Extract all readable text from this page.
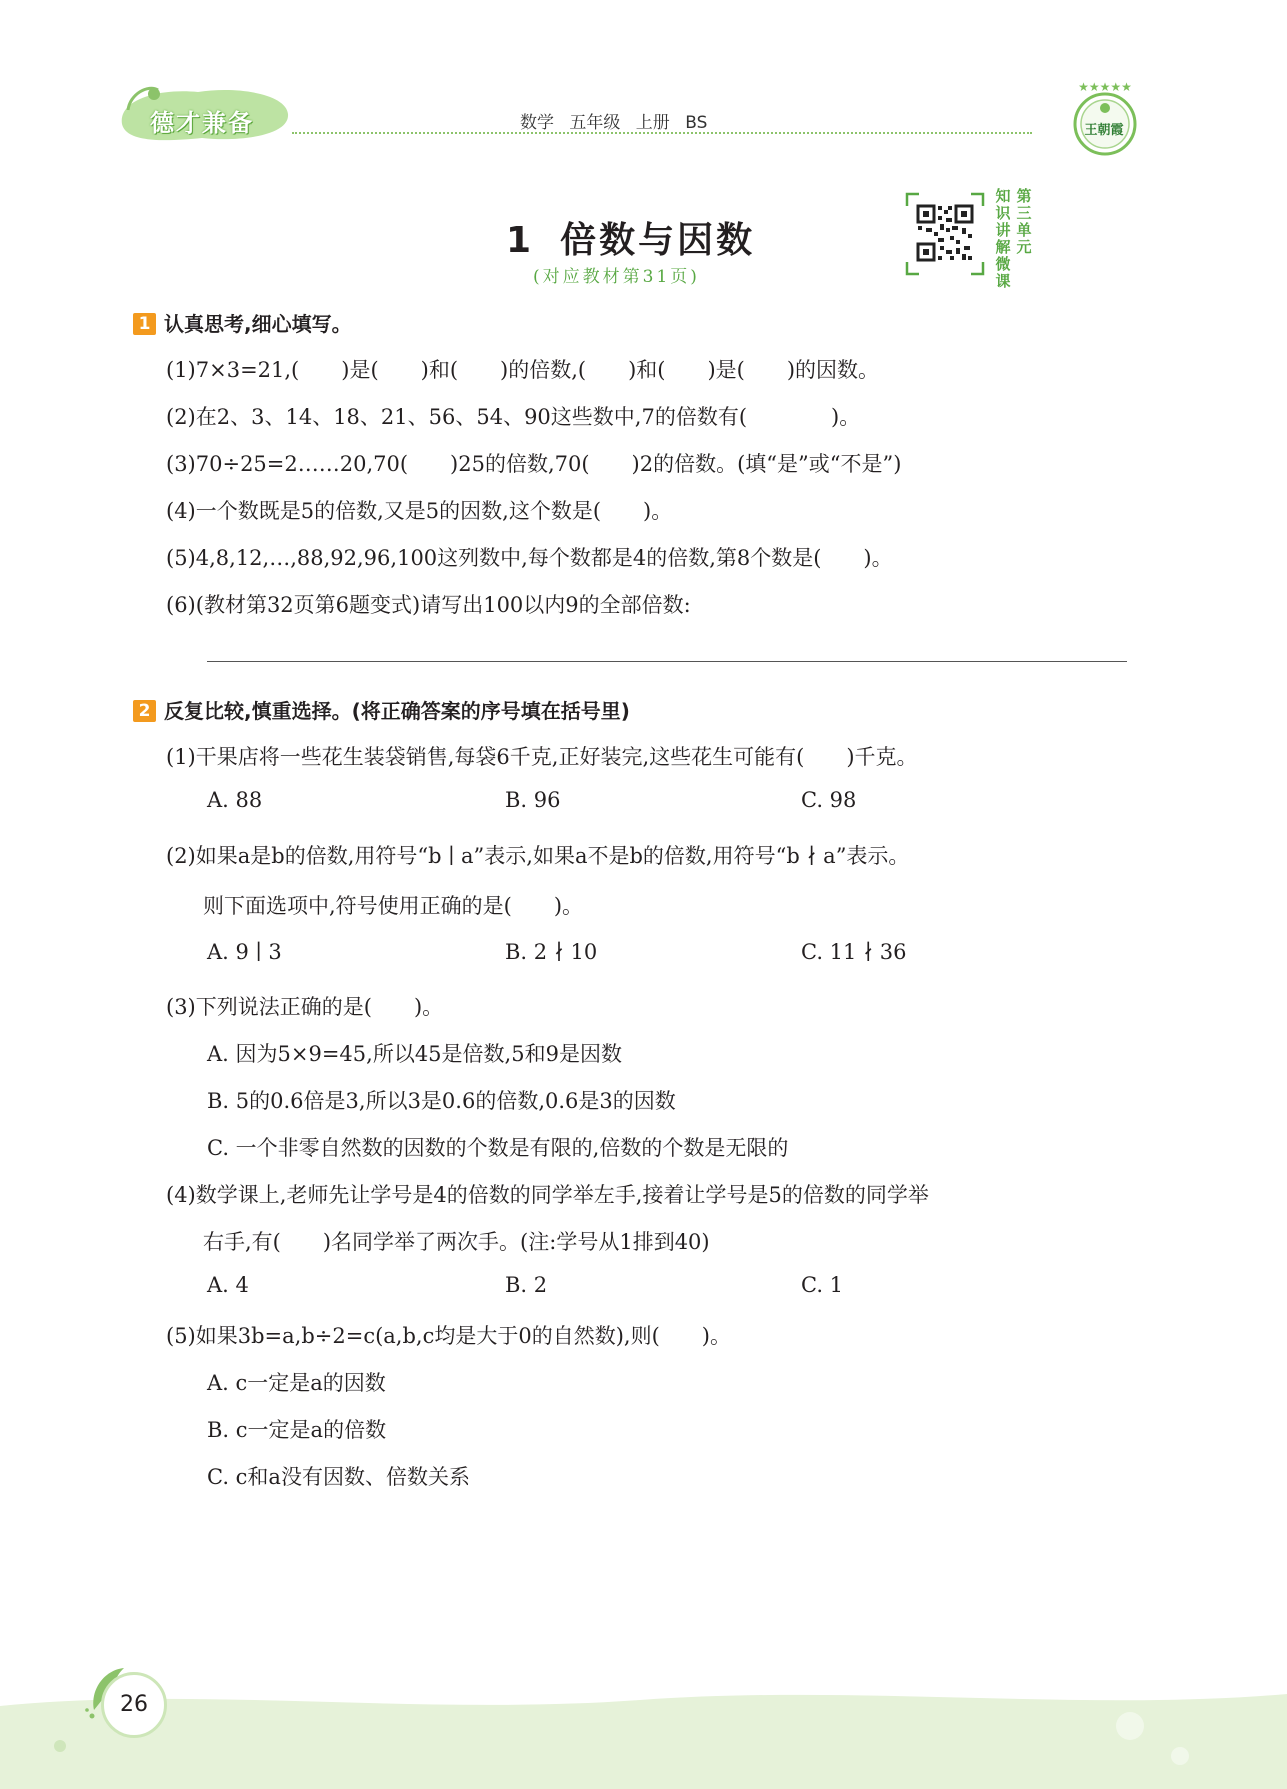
德才兼备	数学 五年级 上册 BS
★★★★★
王朝霞
1 倍数与因数
(对应教材第31页)
知识讲解微课
第三单元
1 认真思考,细心填写。
(1)7×3=21,(　　)是(　　)和(　　)的倍数,(　　)和(　　)是(　　)的因数。
(2)在2、3、14、18、21、56、54、90这些数中,7的倍数有(　　　　)。
(3)70÷25=2……20,70(　　)25的倍数,70(　　)2的倍数。(填“是”或“不是”)
(4)一个数既是5的倍数,又是5的因数,这个数是(　　)。
(5)4,8,12,…,88,92,96,100这列数中,每个数都是4的倍数,第8个数是(　　)。
(6)(教材第32页第6题变式)请写出100以内9的全部倍数:
2 反复比较,慎重选择。(将正确答案的序号填在括号里)
(1)干果店将一些花生装袋销售,每袋6千克,正好装完,这些花生可能有(　　)千克。
A. 88	B. 96	C. 98
(2)如果a是b的倍数,用符号“b ∣ a”表示,如果a不是b的倍数,用符号“b ∤ a”表示。
则下面选项中,符号使用正确的是(　　)。
A. 9 ∣ 3	B. 2 ∤ 10	C. 11 ∤ 36
(3)下列说法正确的是(　　)。
A. 因为5×9=45,所以45是倍数,5和9是因数
B. 5的0.6倍是3,所以3是0.6的倍数,0.6是3的因数
C. 一个非零自然数的因数的个数是有限的,倍数的个数是无限的
(4)数学课上,老师先让学号是4的倍数的同学举左手,接着让学号是5的倍数的同学举
右手,有(　　)名同学举了两次手。(注:学号从1排到40)
A. 4	B. 2	C. 1
(5)如果3b=a,b÷2=c(a,b,c均是大于0的自然数),则(　　)。
A. c一定是a的因数
B. c一定是a的倍数
C. c和a没有因数、倍数关系
26
